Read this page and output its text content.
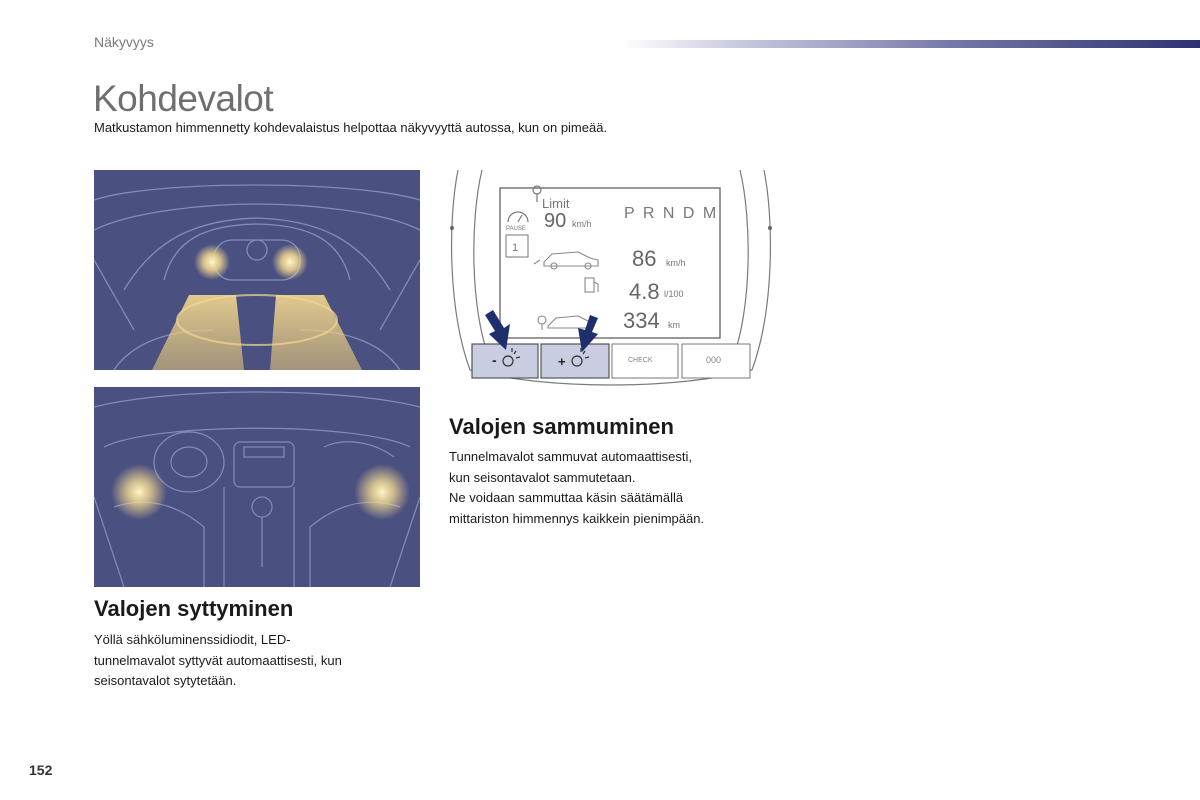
Näkyvyys
Kohdevalot
Matkustamon himmennetty kohdevalaistus helpottaa näkyvyyttä autossa, kun on pimeää.
PAUSE
Limit
90 km/h
1
P R N D M
86 km/h
4.8 l/100
334 km
-	+	CHECK	000
Valojen sammuminen

Tunnelmavalot sammuvat automaattisesti,
kun seisontavalot sammutetaan.
Ne voidaan sammuttaa käsin säätämällä
mittariston himmennys kaikkein pienimpään.

Valojen syttyminen

Yöllä sähköluminenssidiodit, LED-
tunnelmavalot syttyvät automaattisesti, kun
seisontavalot sytytetään.

152
